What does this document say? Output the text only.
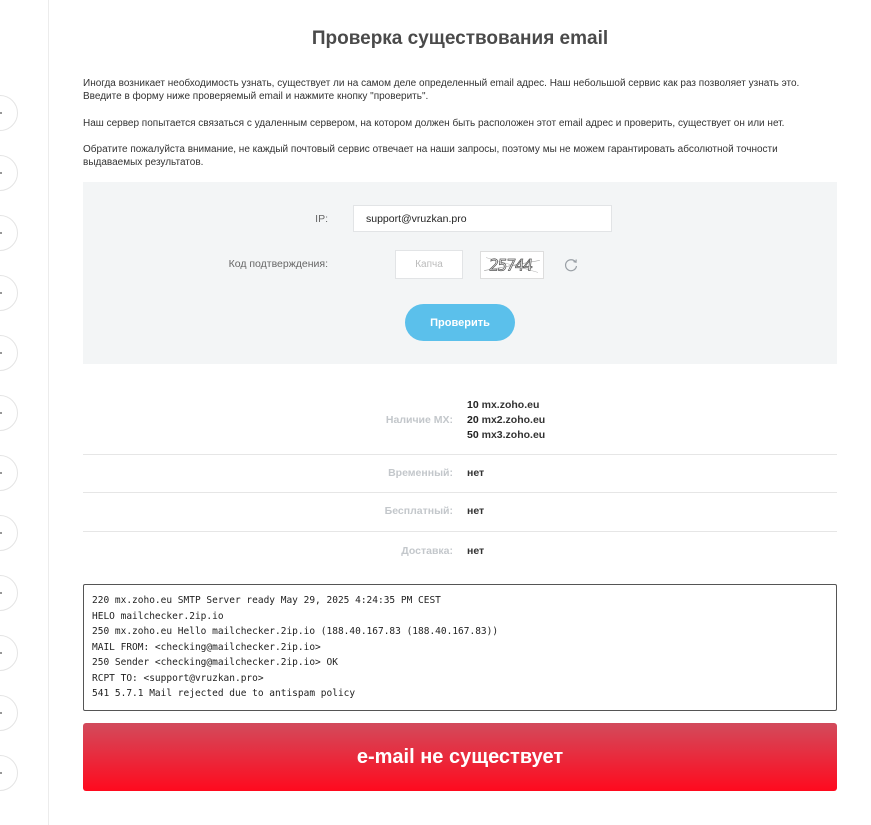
Проверка существования email

Иногда возникает необходимость узнать, существует ли на самом деле определенный email адрес. Наш небольшой сервис как раз позволяет узнать это. Введите в форму ниже проверяемый email и нажмите кнопку "проверить".

Наш сервер попытается связаться с удаленным сервером, на котором должен быть расположен этот email адрес и проверить, существует он или нет.

Обратите пожалуйста внимание, не каждый почтовый сервис отвечает на наши запросы, поэтому мы не можем гарантировать абсолютной точности выдаваемых результатов.

IP:
support@vruzkan.pro
Код подтверждения:
Капча	25744
Проверить
Наличие MX:
10 mx.zoho.eu
20 mx2.zoho.eu
50 mx3.zoho.eu
Временный: нет
Бесплатный: нет
Доставка: нет
220 mx.zoho.eu SMTP Server ready May 29, 2025 4:24:35 PM CEST
HELO mailchecker.2ip.io
250 mx.zoho.eu Hello mailchecker.2ip.io (188.40.167.83 (188.40.167.83))
MAIL FROM: <checking@mailchecker.2ip.io>
250 Sender <checking@mailchecker.2ip.io> OK
RCPT TO: <support@vruzkan.pro>
541 5.7.1 Mail rejected due to antispam policy
e-mail не существует
